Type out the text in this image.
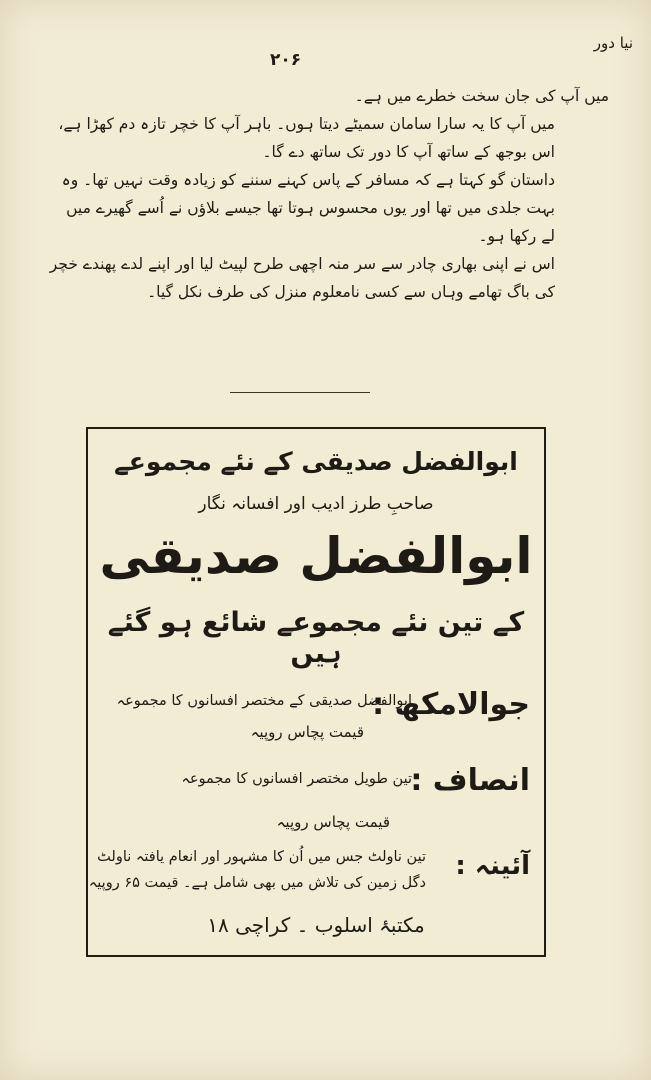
نیا دور
۲۰۶

میں آپ کی جان سخت خطرے میں ہے۔

میں آپ کا یہ سارا سامان سمیٹے دیتا ہوں۔ باہر آپ کا خچر تازہ دم کھڑا ہے، اس بوجھ کے ساتھ آپ کا دور تک ساتھ دے گا۔

داستان گو کہتا ہے کہ مسافر کے پاس کہنے سننے کو زیادہ وقت نہیں تھا۔ وہ بہت جلدی میں تھا اور یوں محسوس ہوتا تھا جیسے بلاؤں نے اُسے گھیرے میں لے رکھا ہو۔

اس نے اپنی بھاری چادر سے سر منہ اچھی طرح لپیٹ لیا اور اپنے لدے پھندے خچر کی باگ تھامے وہاں سے کسی نامعلوم منزل کی طرف نکل گیا۔

ابوالفضل صدیقی کے نئے مجموعے
صاحبِ طرز ادیب اور افسانہ نگار
ابوالفضل صدیقی
کے تین نئے مجموعے شائع ہو گئے ہیں
جوالامکھ :
ابوالفضل صدیقی کے مختصر افسانوں کا مجموعہ
قیمت پچاس روپیہ
انصاف :
تین طویل مختصر افسانوں کا مجموعہ
قیمت پچاس روپیہ
آئینہ :
تین ناولٹ جس میں اُن کا مشہور اور انعام یافتہ ناولٹ
دگل زمین کی تلاش میں بھی شامل ہے۔ قیمت ۶۵ روپیہ
مکتبۂ اسلوب ۔ کراچی ۱۸
